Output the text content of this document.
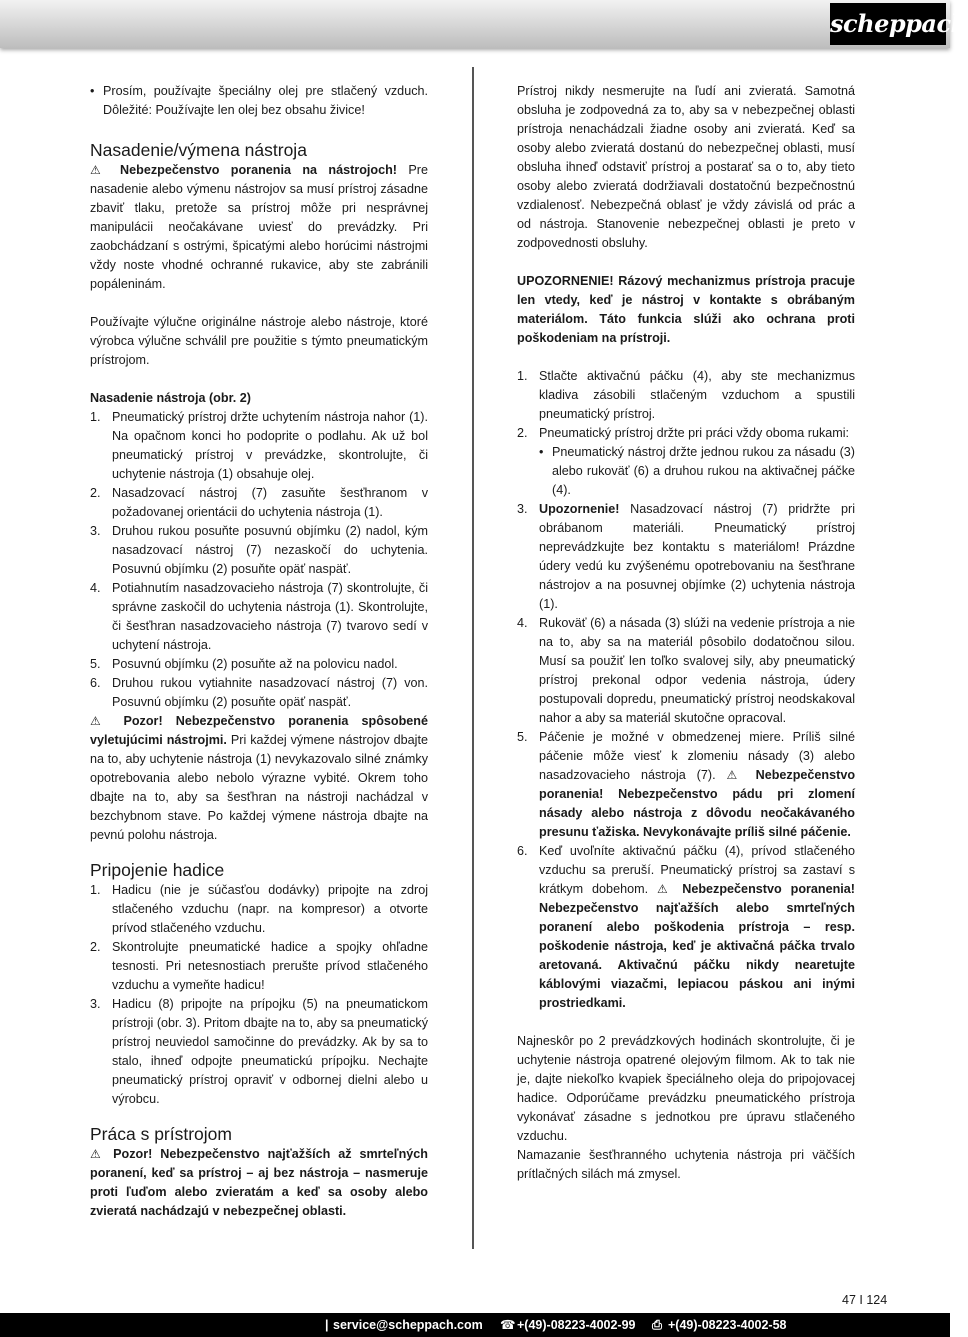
scheppach
• Prosím, používajte špeciálny olej pre stlačený vzduch. Dôležité: Používajte len olej bez obsahu živice!
Nasadenie/výmena nástroja

⚠ Nebezpečenstvo poranenia na nástrojoch! Pre nasadenie alebo výmenu nástrojov sa musí prístroj zásadne zbaviť tlaku, pretože sa prístroj môže pri nesprávnej manipulácii neočakávane uviesť do prevádzky. Pri zaobchádzaní s ostrými, špicatými alebo horúcimi nástrojmi vždy noste vhodné ochranné rukavice, aby ste zabránili popáleninám.

Používajte výlučne originálne nástroje alebo nástroje, ktoré výrobca výlučne schválil pre použitie s týmto pneumatickým prístrojom.

Nasadenie nástroja (obr. 2)

1. Pneumatický prístroj držte uchytením nástroja nahor (1). Na opačnom konci ho podoprite o podlahu. Ak už bol pneumatický prístroj v prevádzke, skontrolujte, či uchytenie nástroja (1) obsahuje olej.
2. Nasadzovací nástroj (7) zasuňte šesťhranom v požadovanej orientácii do uchytenia nástroja (1).
3. Druhou rukou posuňte posuvnú objímku (2) nadol, kým nasadzovací nástroj (7) nezaskočí do uchytenia. Posuvnú objímku (2) posuňte opäť naspäť.
4. Potiahnutím nasadzovacieho nástroja (7) skontrolujte, či správne zaskočil do uchytenia nástroja (1). Skontrolujte, či šesťhran nasadzovacieho nástroja (7) tvarovo sedí v uchytení nástroja.
5. Posuvnú objímku (2) posuňte až na polovicu nadol.
6. Druhou rukou vytiahnite nasadzovací nástroj (7) von. Posuvnú objímku (2) posuňte opäť naspäť.

⚠ Pozor! Nebezpečenstvo poranenia spôsobené vyletujúcimi nástrojmi. Pri každej výmene nástrojov dbajte na to, aby uchytenie nástroja (1) nevykazovalo silné známky opotrebovania alebo nebolo výrazne vybité. Okrem toho dbajte na to, aby sa šesťhran na nástroji nachádzal v bezchybnom stave. Po každej výmene nástroja dbajte na pevnú polohu nástroja.

Pripojenie hadice
1. Hadicu (nie je súčasťou dodávky) pripojte na zdroj stlačeného vzduchu (napr. na kompresor) a otvorte prívod stlačeného vzduchu.
2. Skontrolujte pneumatické hadice a spojky ohľadne tesnosti. Pri netesnostiach prerušte prívod stlačeného vzduchu a vymeňte hadicu!
3. Hadicu (8) pripojte na prípojku (5) na pneumatickom prístroji (obr. 3). Pritom dbajte na to, aby sa pneumatický prístroj neuviedol samočinne do prevádzky. Ak by sa to stalo, ihneď odpojte pneumatickú prípojku. Nechajte pneumatický prístroj opraviť v odbornej dielni alebo u výrobcu.
Práca s prístrojom

⚠ Pozor! Nebezpečenstvo najťažších až smrteľných poranení, keď sa prístroj – aj bez nástroja – nasmeruje proti ľuďom alebo zvieratám a keď sa osoby alebo zvieratá nachádzajú v nebezpečnej oblasti.

Prístroj nikdy nesmerujte na ľudí ani zvieratá. Samotná obsluha je zodpovedná za to, aby sa v nebezpečnej oblasti prístroja nenachádzali žiadne osoby ani zvieratá. Keď sa osoby alebo zvieratá dostanú do nebezpečnej oblasti, musí obsluha ihneď odstaviť prístroj a postarať sa o to, aby tieto osoby alebo zvieratá dodržiavali dostatočnú bezpečnostnú vzdialenosť. Nebezpečná oblasť je vždy závislá od prác a od nástroja. Stanovenie nebezpečnej oblasti je preto v zodpovednosti obsluhy.

UPOZORNENIE! Rázový mechanizmus prístroja pracuje len vtedy, keď je nástroj v kontakte s obrábaným materiálom. Táto funkcia slúži ako ochrana proti poškodeniam na prístroji.

1. Stlačte aktivačnú páčku (4), aby ste mechanizmus kladiva zásobili stlačeným vzduchom a spustili pneumatický prístroj.
2. Pneumatický prístroj držte pri práci vždy oboma rukami:
• Pneumatický nástroj držte jednou rukou za násadu (3) alebo rukoväť (6) a druhou rukou na aktivačnej páčke (4).
3. Upozornenie! Nasadzovací nástroj (7) pridržte pri obrábanom materiáli. Pneumatický prístroj neprevádzkujte bez kontaktu s materiálom! Prázdne údery vedú ku zvýšenému opotrebovaniu na šesťhrane nástrojov a na posuvnej objímke (2) uchytenia nástroja (1).
4. Rukoväť (6) a násada (3) slúži na vedenie prístroja a nie na to, aby sa na materiál pôsobilo dodatočnou silou. Musí sa použiť len toľko svalovej sily, aby pneumatický prístroj prekonal odpor vedenia nástroja, údery postupovali dopredu, pneumatický prístroj neodskakoval nahor a aby sa materiál skutočne opracoval.
5. Páčenie je možné v obmedzenej miere. Príliš silné páčenie môže viesť k zlomeniu násady (3) alebo nasadzovacieho nástroja (7). ⚠ Nebezpečenstvo poranenia! Nebezpečenstvo pádu pri zlomení násady alebo nástroja z dôvodu neočakávaného presunu ťažiska. Nevykonávajte príliš silné páčenie.
6. Keď uvoľníte aktivačnú páčku (4), prívod stlačeného vzduchu sa preruší. Pneumatický prístroj sa zastaví s krátkym dobehom. ⚠ Nebezpečenstvo poranenia! Nebezpečenstvo najťažších alebo smrteľných poranení alebo poškodenia prístroja – resp. poškodenie nástroja, keď je aktivačná páčka trvalo aretovaná. Aktivačnú páčku nikdy nearetujte káblovými viazačmi, lepiacou páskou ani inými prostriedkami.

Najneskôr po 2 prevádzkových hodinách skontrolujte, či je uchytenie nástroja opatrené olejovým filmom. Ak to tak nie je, dajte niekoľko kvapiek špeciálneho oleja do pripojovacej hadice. Odporúčame prevádzku pneumatického prístroja vykonávať zásadne s jednotkou pre úpravu stlačeného vzduchu.

Namazanie šesťhranného uchytenia nástroja pri väčších prítlačných silách má zmysel.

47 I 124
| service@scheppach.com ☎ +(49)-08223-4002-99 ⎙ +(49)-08223-4002-58
